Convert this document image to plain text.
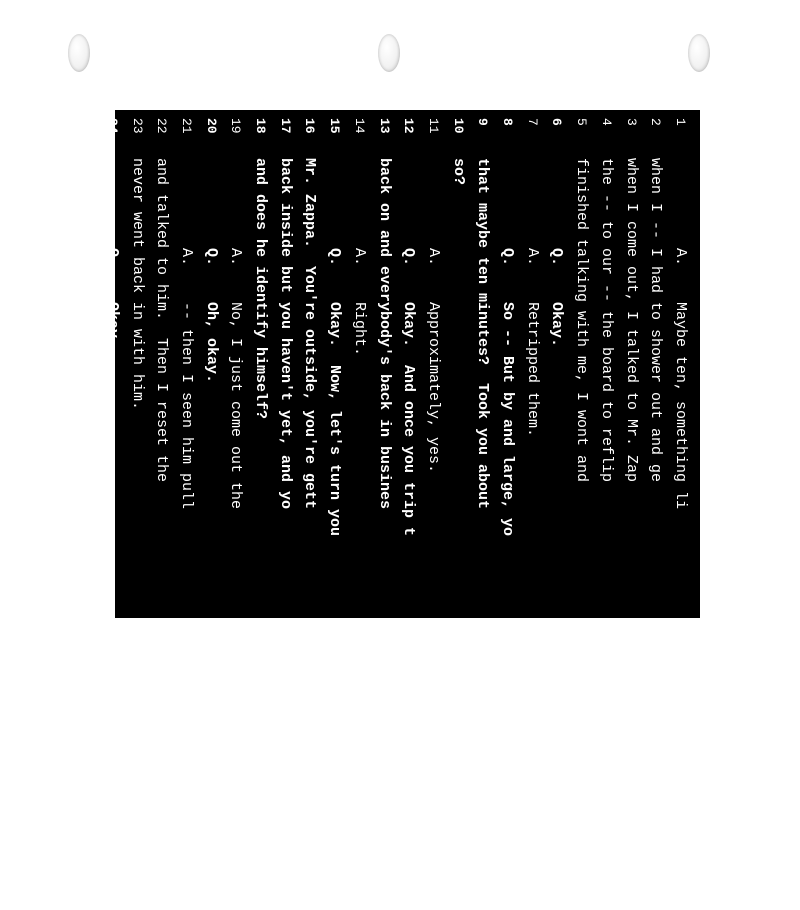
1
A.    Maybe ten, something li
2
when I -- I had to shower out and ge
3
when I come out, I talked to Mr. Zap
4
the -- to our -- the board to reflip
5
finished talking with me, I wont and
6
Q.    Okay.
7
A.    Retripped them.
8
Q.    So -- But by and large, yo
9
that maybe ten minutes?  Took you about
10
so?
11
A.    Approximately, yes.
12
Q.    Okay.  And once you trip t
13
back on and everybody's back in busines
14
A.    Right.
15
Q.    Okay.  Now, let's turn you
16
Mr. Zappa.  You're outside, you're gett
17
back inside but you haven't yet, and yo
18
and does he identify himself?
19
A.    No, I just come out the
20
Q.    Oh, okay.
21
A.    -- then I seen him pull
22
and talked to him.  Then I reset the
23
never went back in with him.
24
Q.    Okay.
